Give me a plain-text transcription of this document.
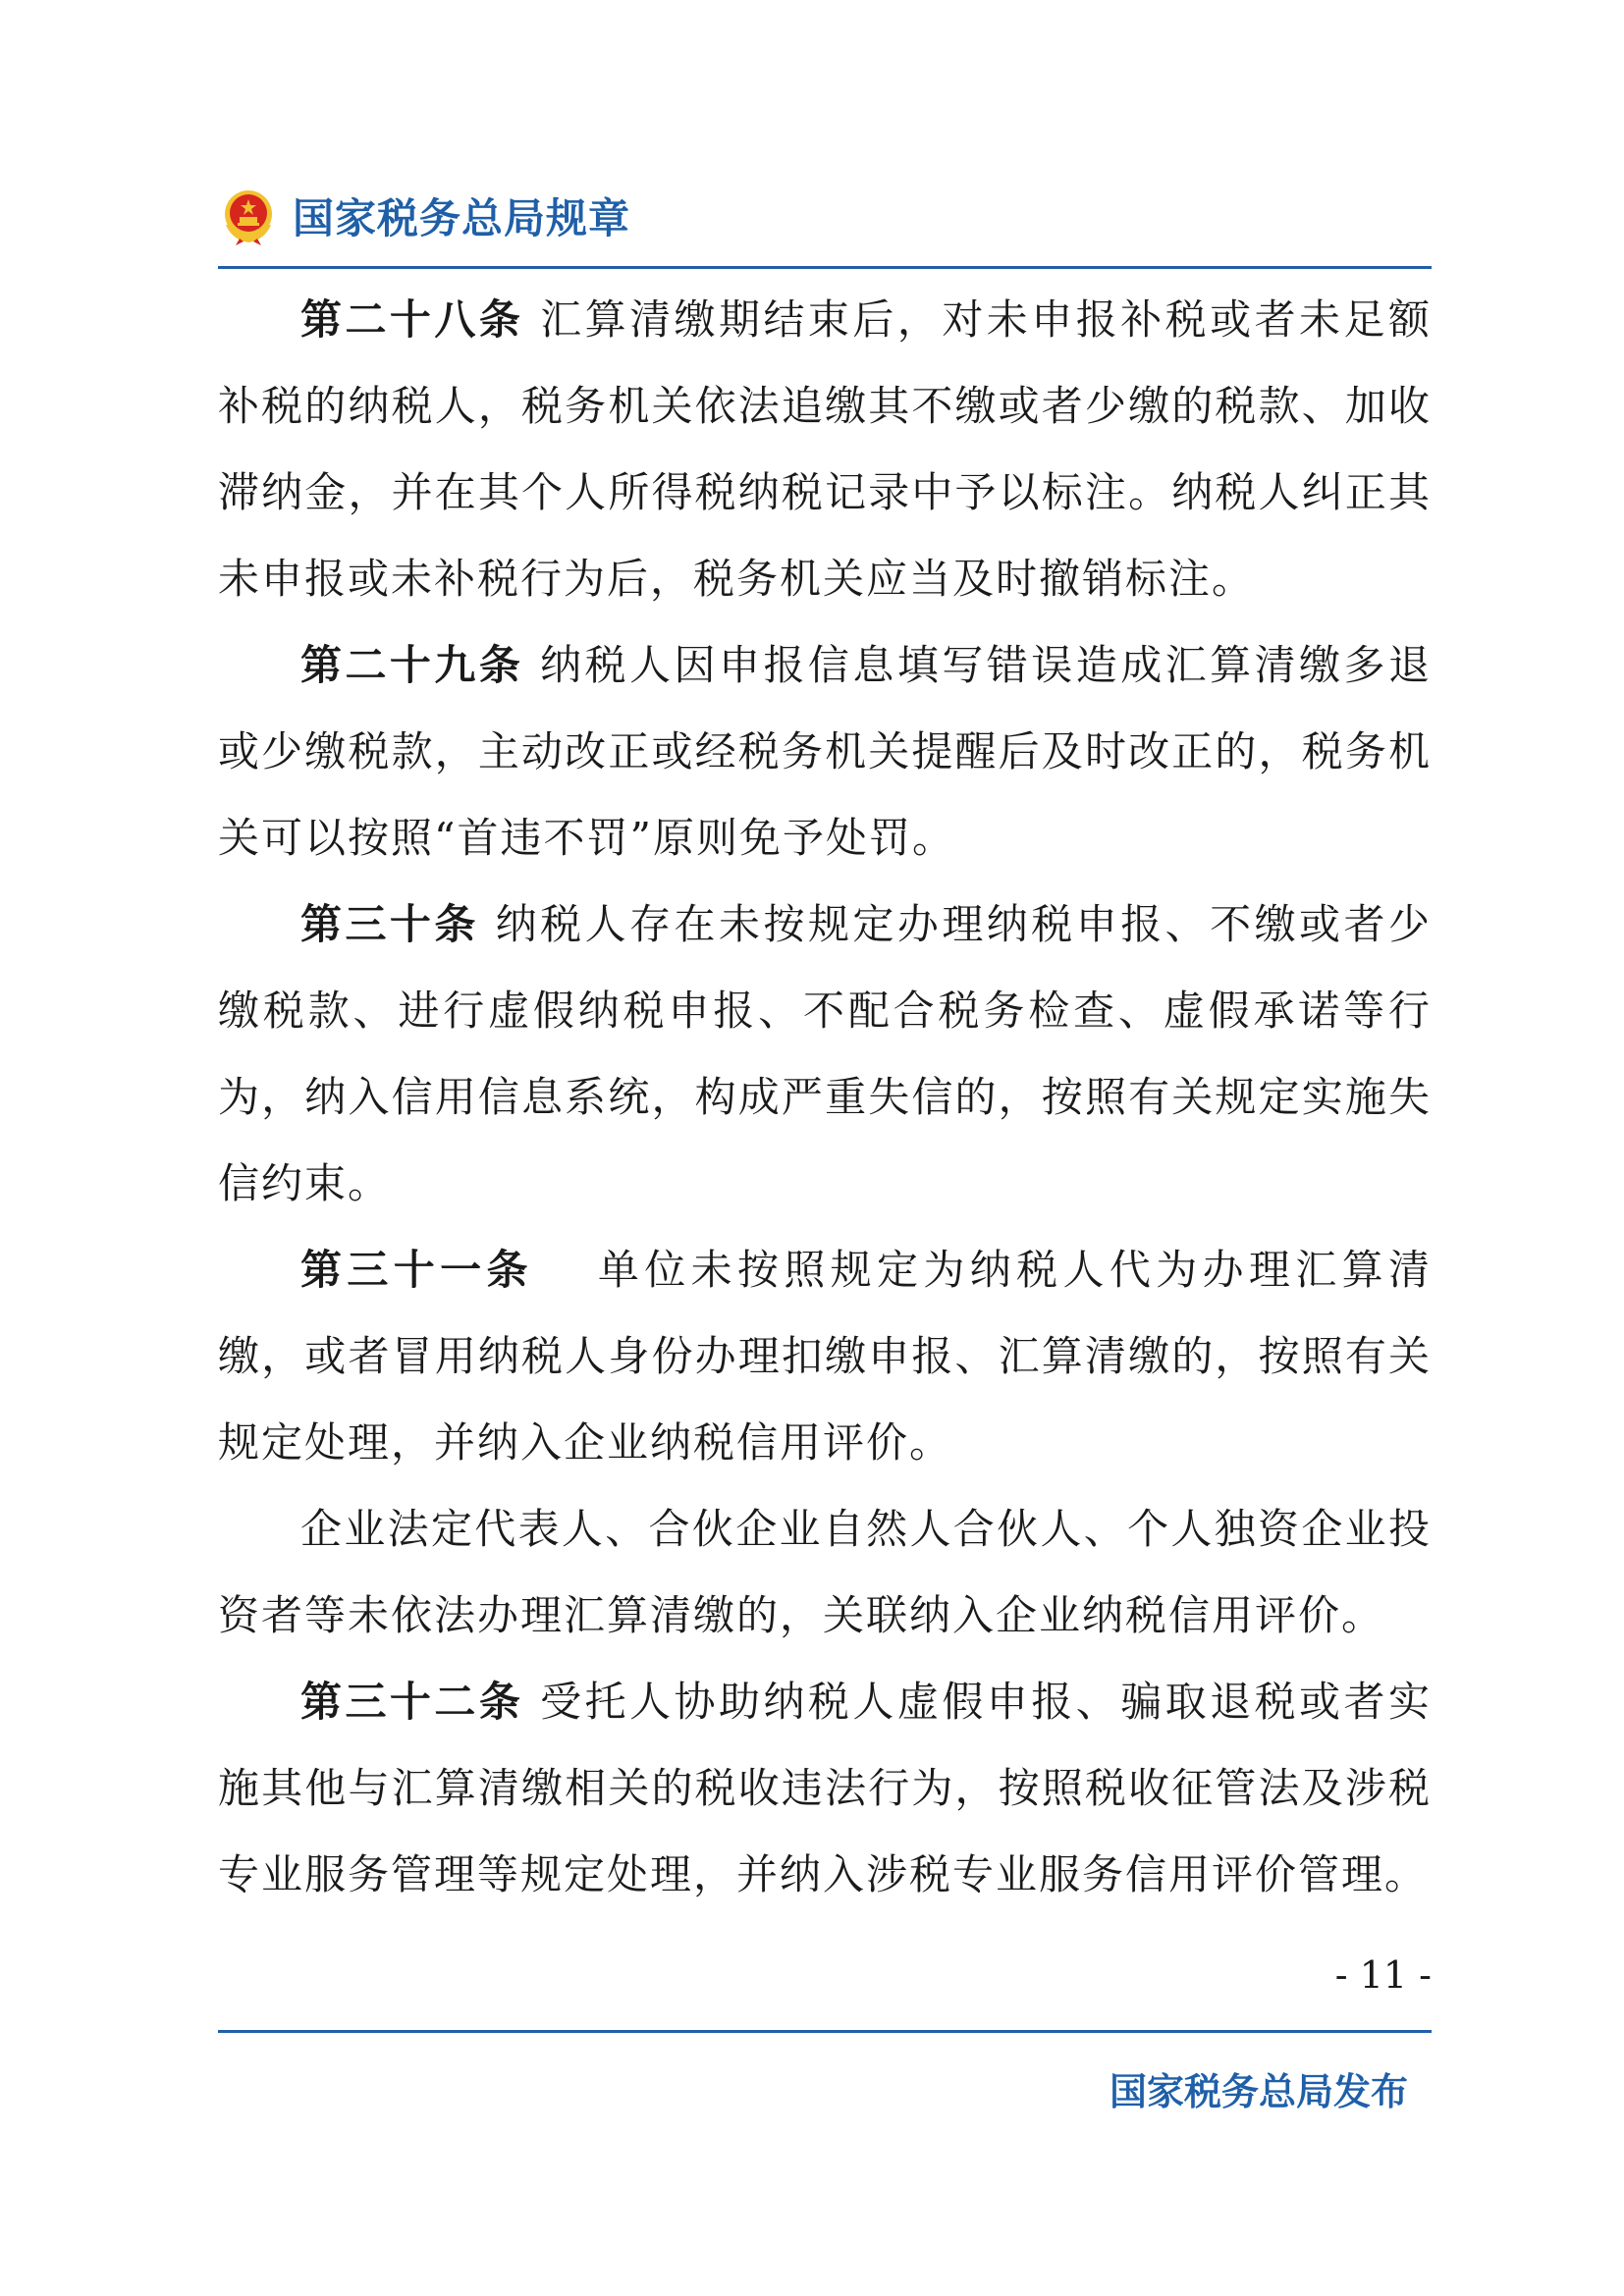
国家税务总局规章

第二十八条 汇算清缴期结束后，对未申报补税或者未足额补税的纳税人，税务机关依法追缴其不缴或者少缴的税款、加收滞纳金，并在其个人所得税纳税记录中予以标注。纳税人纠正其未申报或未补税行为后，税务机关应当及时撤销标注。

第二十九条 纳税人因申报信息填写错误造成汇算清缴多退或少缴税款，主动改正或经税务机关提醒后及时改正的，税务机关可以按照“首违不罚”原则免予处罚。

第三十条 纳税人存在未按规定办理纳税申报、不缴或者少缴税款、进行虚假纳税申报、不配合税务检查、虚假承诺等行为，纳入信用信息系统，构成严重失信的，按照有关规定实施失信约束。

第三十一条　 单位未按照规定为纳税人代为办理汇算清缴，或者冒用纳税人身份办理扣缴申报、汇算清缴的，按照有关规定处理，并纳入企业纳税信用评价。

企业法定代表人、合伙企业自然人合伙人、个人独资企业投资者等未依法办理汇算清缴的，关联纳入企业纳税信用评价。

第三十二条 受托人协助纳税人虚假申报、骗取退税或者实施其他与汇算清缴相关的税收违法行为，按照税收征管法及涉税专业服务管理等规定处理，并纳入涉税专业服务信用评价管理。

- 11 -
国家税务总局发布
